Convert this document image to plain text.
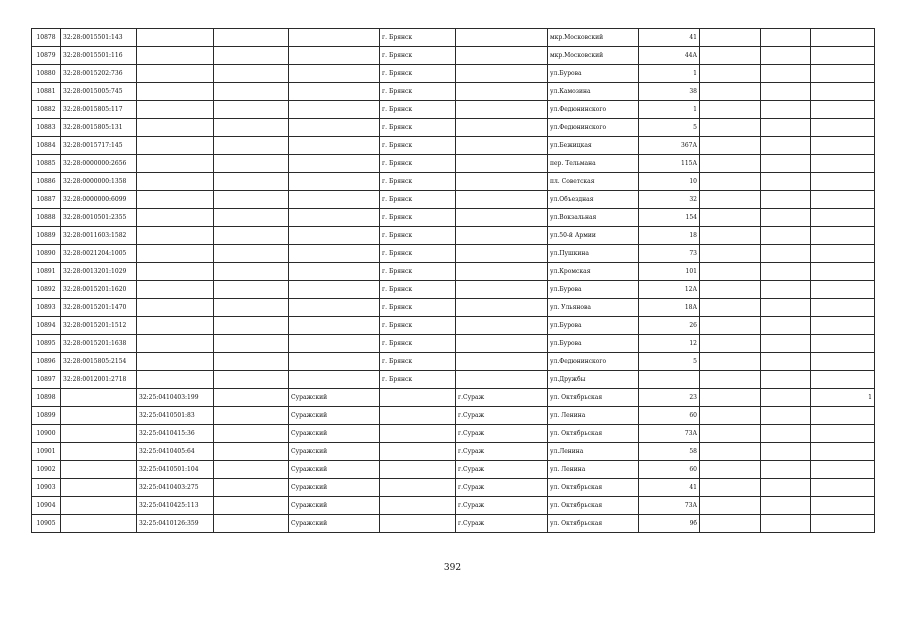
10878	32:28:0015501:143				г. Брянск		мкр.Московский	41			
10879	32:28:0015501:116				г. Брянск		мкр.Московский	44А			
10880	32:28:0015202:736				г. Брянск		ул.Бурова	1			
10881	32:28:0015005:745				г. Брянск		ул.Камозина	38			
10882	32:28:0015805:117				г. Брянск		ул.Федюнинского	1			
10883	32:28:0015805:131				г. Брянск		ул.Федюнинского	5			
10884	32:28:0015717:145				г. Брянск		ул.Бежицкая	367А			
10885	32:28:0000000:2656				г. Брянск		пер. Тельмана	115А			
10886	32:28:0000000:1358				г. Брянск		пл. Советская	10			
10887	32:28:0000000:6099				г. Брянск		ул.Объездная	32			
10888	32:28:0010501:2355				г. Брянск		ул.Вокзальная	154			
10889	32:28:0011603:1582				г. Брянск		ул.50-й Армии	18			
10890	32:28:0021204:1005				г. Брянск		ул.Пушкина	73			
10891	32:28:0013201:1029				г. Брянск		ул.Кромская	101			
10892	32:28:0015201:1620				г. Брянск		ул.Бурова	12А			
10893	32:28:0015201:1470				г. Брянск		ул. Ульянова	18А			
10894	32:28:0015201:1512				г. Брянск		ул.Бурова	26			
10895	32:28:0015201:1638				г. Брянск		ул.Бурова	12			
10896	32:28:0015805:2154				г. Брянск		ул.Федюнинского	5			
10897	32:28:0012001:2718				г. Брянск		ул.Дружбы				
10898		32:25:0410403:199		Суражский		г.Сураж	ул. Октябрьская	23			1
10899		32:25:0410501:83		Суражский		г.Сураж	ул. Ленина	60			
10900		32:25:0410415:36		Суражский		г.Сураж	ул. Октябрьская	73А			
10901		32:25:0410405:64		Суражский		г.Сураж	ул.Ленина	58			
10902		32:25:0410501:104		Суражский		г.Сураж	ул. Ленина	60			
10903		32:25:0410403:275		Суражский		г.Сураж	ул. Октябрьская	41			
10904		32:25:0410425:113		Суражский		г.Сураж	ул. Октябрьская	73А			
10905		32:25:0410126:359		Суражский		г.Сураж	ул. Октябрьская	9б			
392
